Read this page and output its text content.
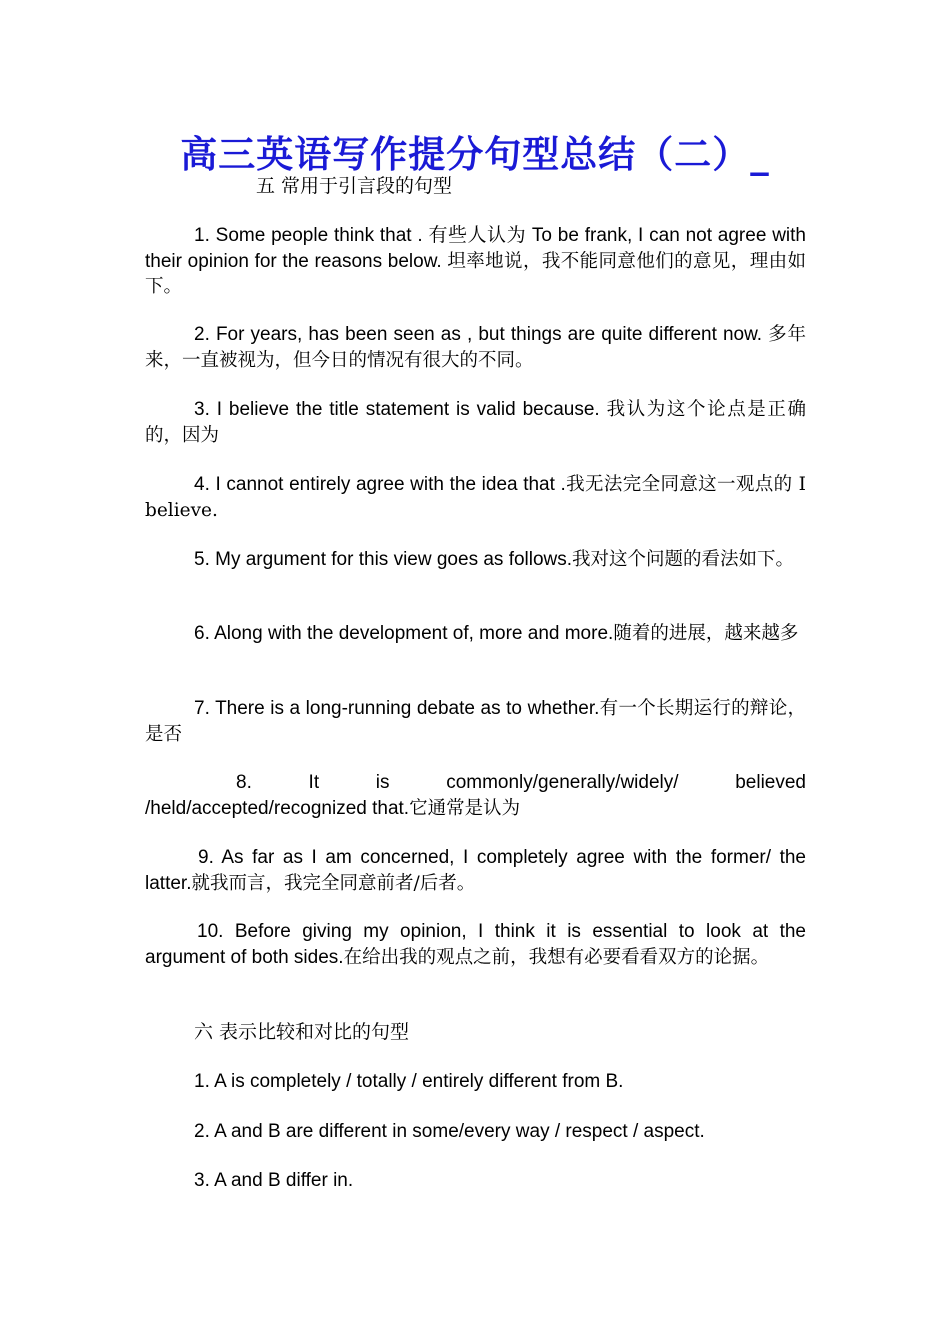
高三英语写作提分句型总结（二）_
五 常用于引言段的句型
1. Some people think that . 有些人认为 To be frank, I can not agree with their opinion for the reasons below. 坦率地说，我不能同意他们的意见，理由如下。
2. For years, has been seen as , but things are quite different now. 多年来，一直被视为，但今日的情况有很大的不同。
3. I believe the title statement is valid because. 我认为这个论点是正确的，因为
4. I cannot entirely agree with the idea that .我无法完全同意这一观点的 I believe.
5. My argument for this view goes as follows.我对这个问题的看法如下。
6. Along with the development of, more and more.随着的进展，越来越多
7. There is a long-running debate as to whether.有一个长期运行的辩论，是否
8. It is commonly/generally/widely/ believed /held/accepted/recognized that.它通常是认为
9. As far as I am concerned, I completely agree with the former/ the latter.就我而言，我完全同意前者/后者。
10. Before giving my opinion, I think it is essential to look at the argument of both sides.在给出我的观点之前，我想有必要看看双方的论据。
六 表示比较和对比的句型
1. A is completely / totally / entirely different from B.
2. A and B are different in some/every way / respect / aspect.
3. A and B differ in.
